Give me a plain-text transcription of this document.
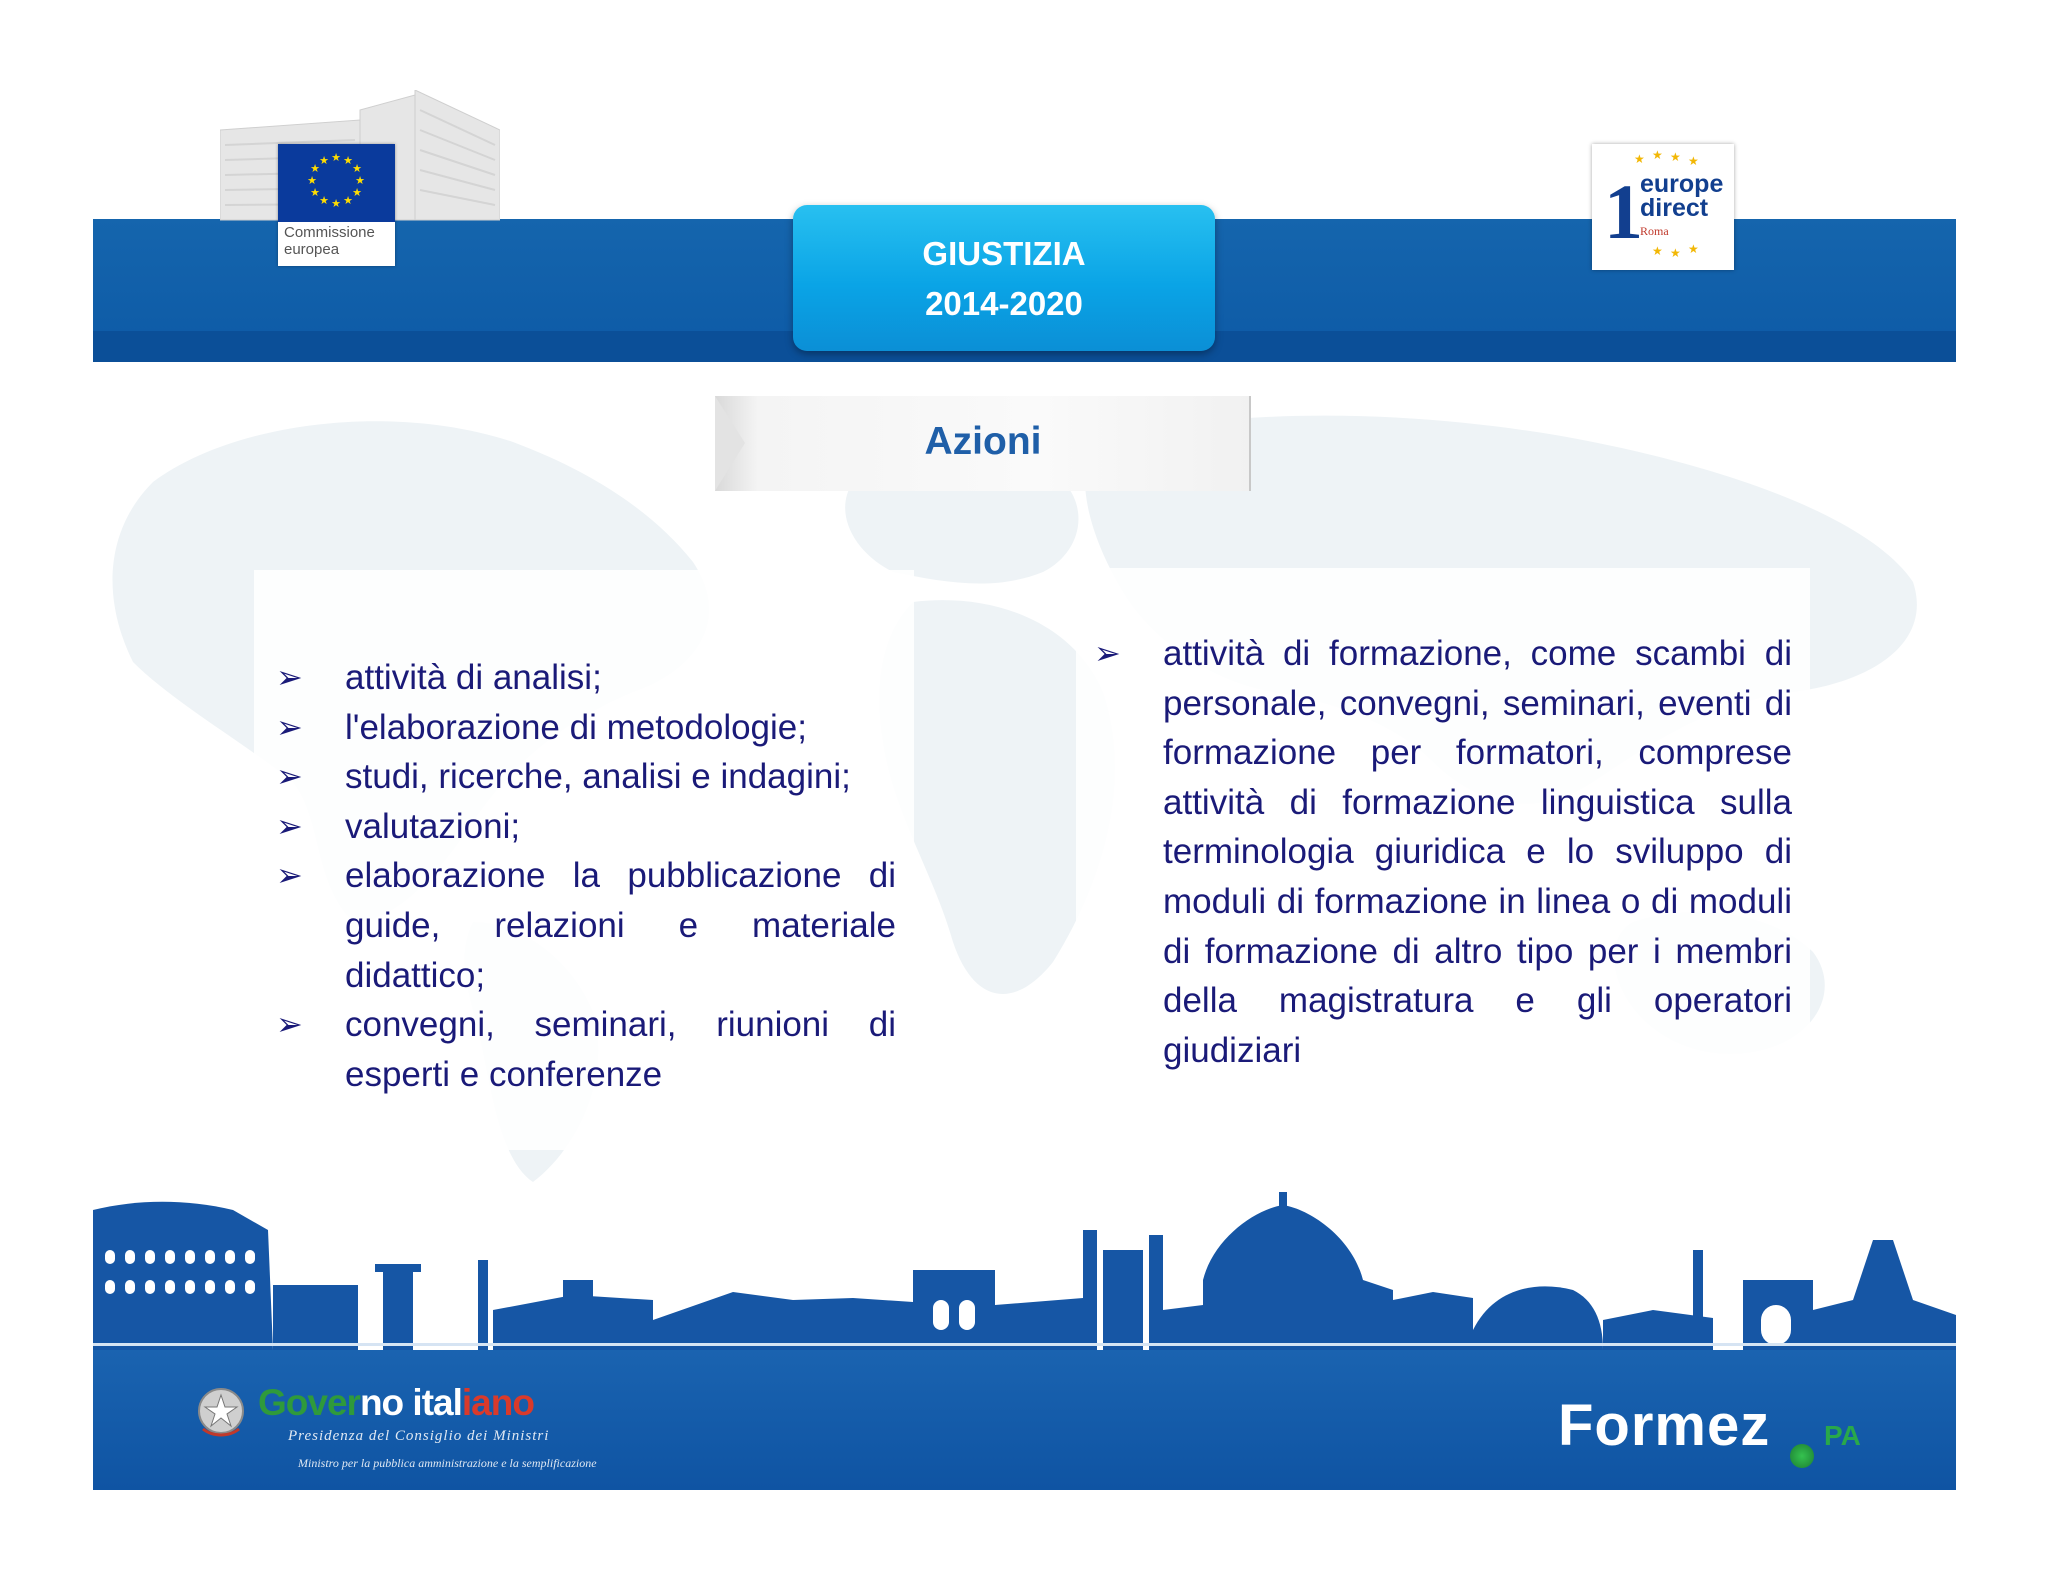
★ ★
★
★
★
★
★
★
★
★
★
★
Commissione
europea	GIUSTIZIA
2014-2020
1
★ ★ ★ ★
★ ★ ★
europe
direct
Roma
Azioni
➢ attività di analisi;
➢ l'elaborazione di metodologie;
➢ studi, ricerche, analisi e indagini;
➢ valutazioni;
➢ elaborazione la pubblicazione di guide, relazioni e materiale didattico;
➢ convegni, seminari, riunioni di esperti e conferenze
➢ attività di formazione, come scambi di personale, convegni, seminari, eventi di formazione per formatori, comprese attività di formazione linguistica sulla terminologia giuridica e lo sviluppo di moduli di formazione in linea o di moduli di formazione di altro tipo per i membri della magistratura e gli operatori giudiziari
Governo italiano
Presidenza del Consiglio dei Ministri
Ministro per la pubblica amministrazione e la semplificazione
Formez PA
